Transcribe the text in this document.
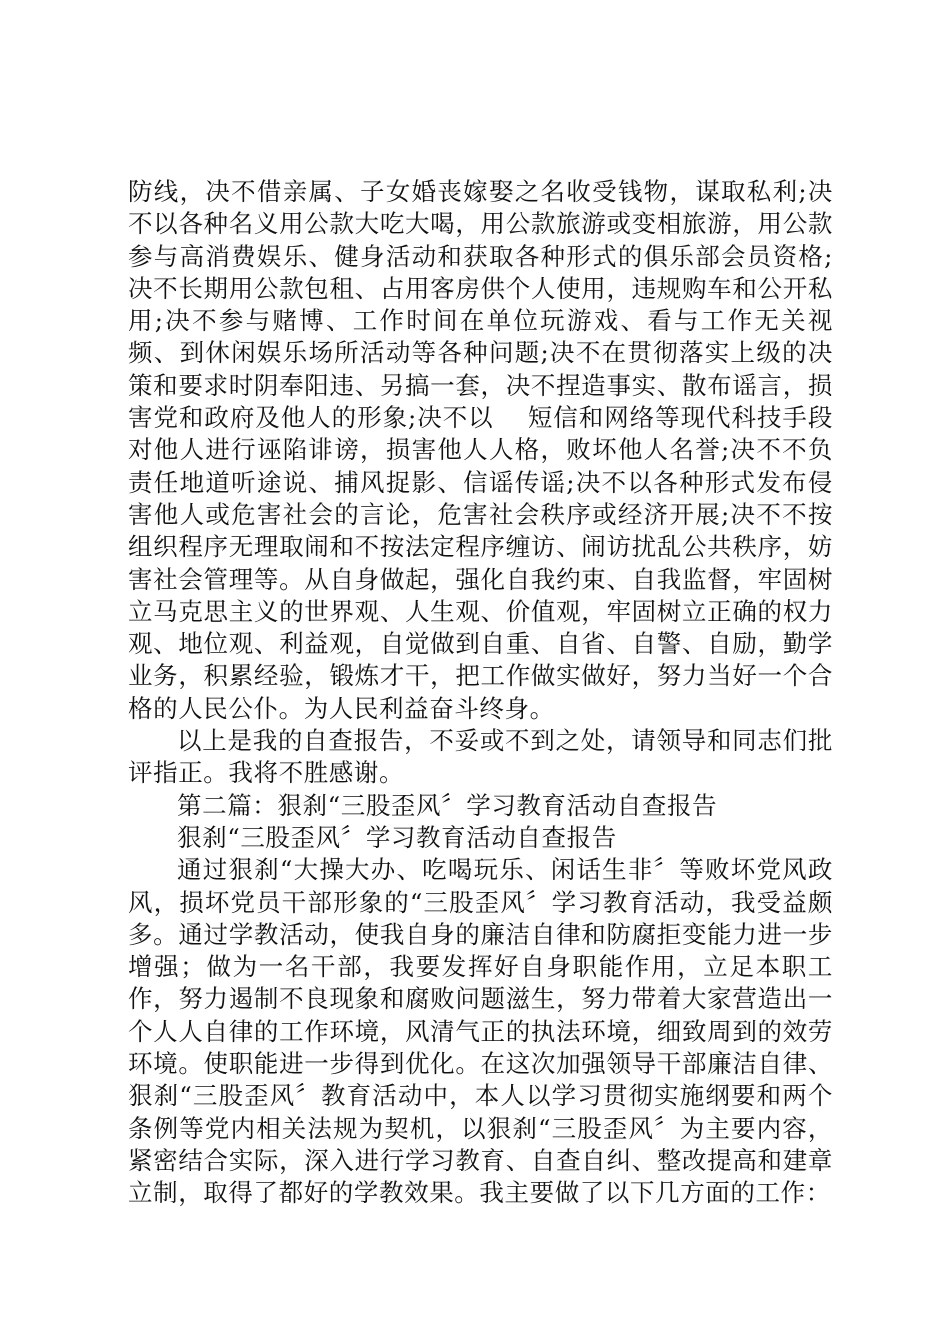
防线，决不借亲属、子女婚丧嫁娶之名收受钱物，谋取私利;决不以各种名义用公款大吃大喝，用公款旅游或变相旅游，用公款参与高消费娱乐、健身活动和获取各种形式的俱乐部会员资格;决不长期用公款包租、占用客房供个人使用，违规购车和公开私用;决不参与赌博、工作时间在单位玩游戏、看与工作无关视频、到休闲娱乐场所活动等各种问题;决不在贯彻落实上级的决策和要求时阴奉阳违、另搞一套，决不捏造事实、散布谣言，损害党和政府及他人的形象;决不以　 短信和网络等现代科技手段对他人进行诬陷诽谤，损害他人人格，败坏他人名誉;决不不负责任地道听途说、捕风捉影、信谣传谣;决不以各种形式发布侵害他人或危害社会的言论，危害社会秩序或经济开展;决不不按组织程序无理取闹和不按法定程序缠访、闹访扰乱公共秩序，妨害社会管理等。从自身做起，强化自我约束、自我监督，牢固树立马克思主义的世界观、人生观、价值观，牢固树立正确的权力观、地位观、利益观，自觉做到自重、自省、自警、自励，勤学业务，积累经验，锻炼才干，把工作做实做好，努力当好一个合格的人民公仆。为人民利益奋斗终身。

以上是我的自查报告，不妥或不到之处，请领导和同志们批评指正。我将不胜感谢。

第二篇：狠刹“三股歪风〞学习教育活动自查报告

狠刹“三股歪风〞学习教育活动自查报告

通过狠刹“大操大办、吃喝玩乐、闲话生非〞等败坏党风政风，损坏党员干部形象的“三股歪风〞学习教育活动，我受益颇多。通过学教活动，使我自身的廉洁自律和防腐拒变能力进一步增强；做为一名干部，我要发挥好自身职能作用，立足本职工作，努力遏制不良现象和腐败问题滋生，努力带着大家营造出一个人人自律的工作环境，风清气正的执法环境，细致周到的效劳环境。使职能进一步得到优化。在这次加强领导干部廉洁自律、狠刹“三股歪风〞教育活动中，本人以学习贯彻实施纲要和两个条例等党内相关法规为契机，以狠刹“三股歪风〞为主要内容，紧密结合实际，深入进行学习教育、自查自纠、整改提高和建章立制，取得了都好的学教效果。我主要做了以下几方面的工作：
